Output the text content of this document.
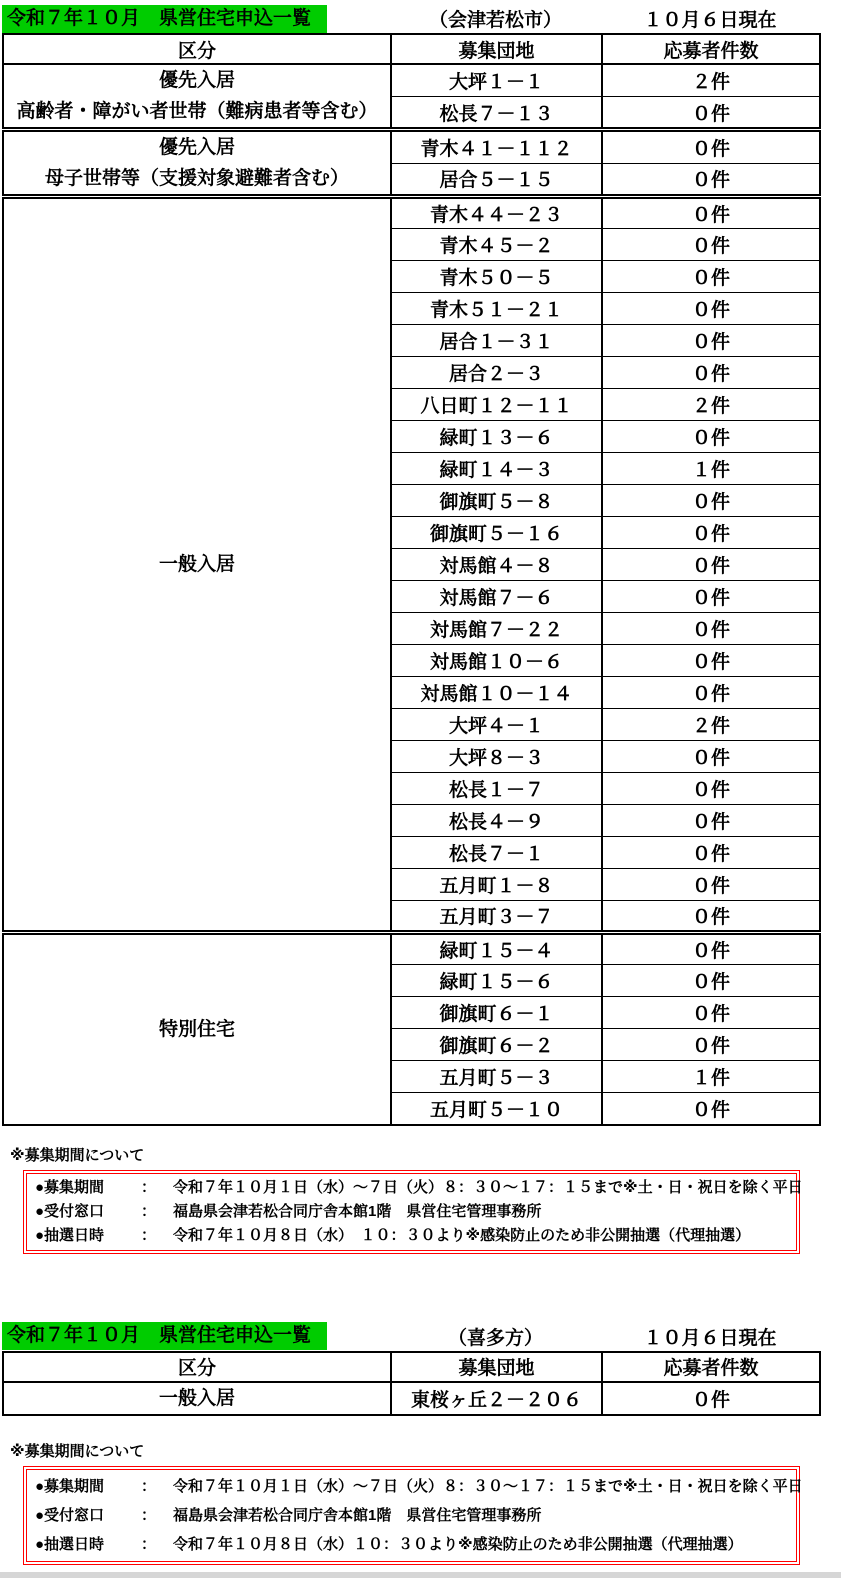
令和７年１０月　県営住宅申込一覧	（会津若松市）	１０月６日現在
区分	募集団地	応募者件数

優先入居
高齢者・障がい者世帯（難病患者等含む）	大坪１－１	２件
	松長７－１３	０件

優先入居
母子世帯等（支援対象避難者含む）	青木４１－１１２	０件
	居合５－１５	０件

一般入居	青木４４－２３	０件
	青木４５－２	０件
	青木５０－５	０件
	青木５１－２１	０件
	居合１－３１	０件
	居合２－３	０件
	八日町１２－１１	２件
	緑町１３－６	０件
	緑町１４－３	１件
	御旗町５－８	０件
	御旗町５－１６	０件
	対馬館４－８	０件
	対馬館７－６	０件
	対馬館７－２２	０件
	対馬館１０－６	０件
	対馬館１０－１４	０件
	大坪４－１	２件
	大坪８－３	０件
	松長１－７	０件
	松長４－９	０件
	松長７－１	０件
	五月町１－８	０件
	五月町３－７	０件

特別住宅	緑町１５－４	０件
	緑町１５－６	０件
	御旗町６－１	０件
	御旗町６－２	０件
	五月町５－３	１件
	五月町５－１０	０件
※募集期間について
●募集期間	：	令和７年１０月１日（水）～７日（火）８：３０～１７：１５まで※土・日・祝日を除く平日
●受付窓口	：	福島県会津若松合同庁舎本館1階　県営住宅管理事務所
●抽選日時	：	令和７年１０月８日（水）　１０：３０より※感染防止のため非公開抽選（代理抽選）
令和７年１０月　県営住宅申込一覧	（喜多方）	１０月６日現在
区分	募集団地	応募者件数

一般入居	東桜ヶ丘２－２０６	０件
※募集期間について
●募集期間	：	令和７年１０月１日（水）～７日（火）８：３０～１７：１５まで※土・日・祝日を除く平日
●受付窓口	：	福島県会津若松合同庁舎本館1階　県営住宅管理事務所
●抽選日時	：	令和７年１０月８日（水）１０：３０より※感染防止のため非公開抽選（代理抽選）
